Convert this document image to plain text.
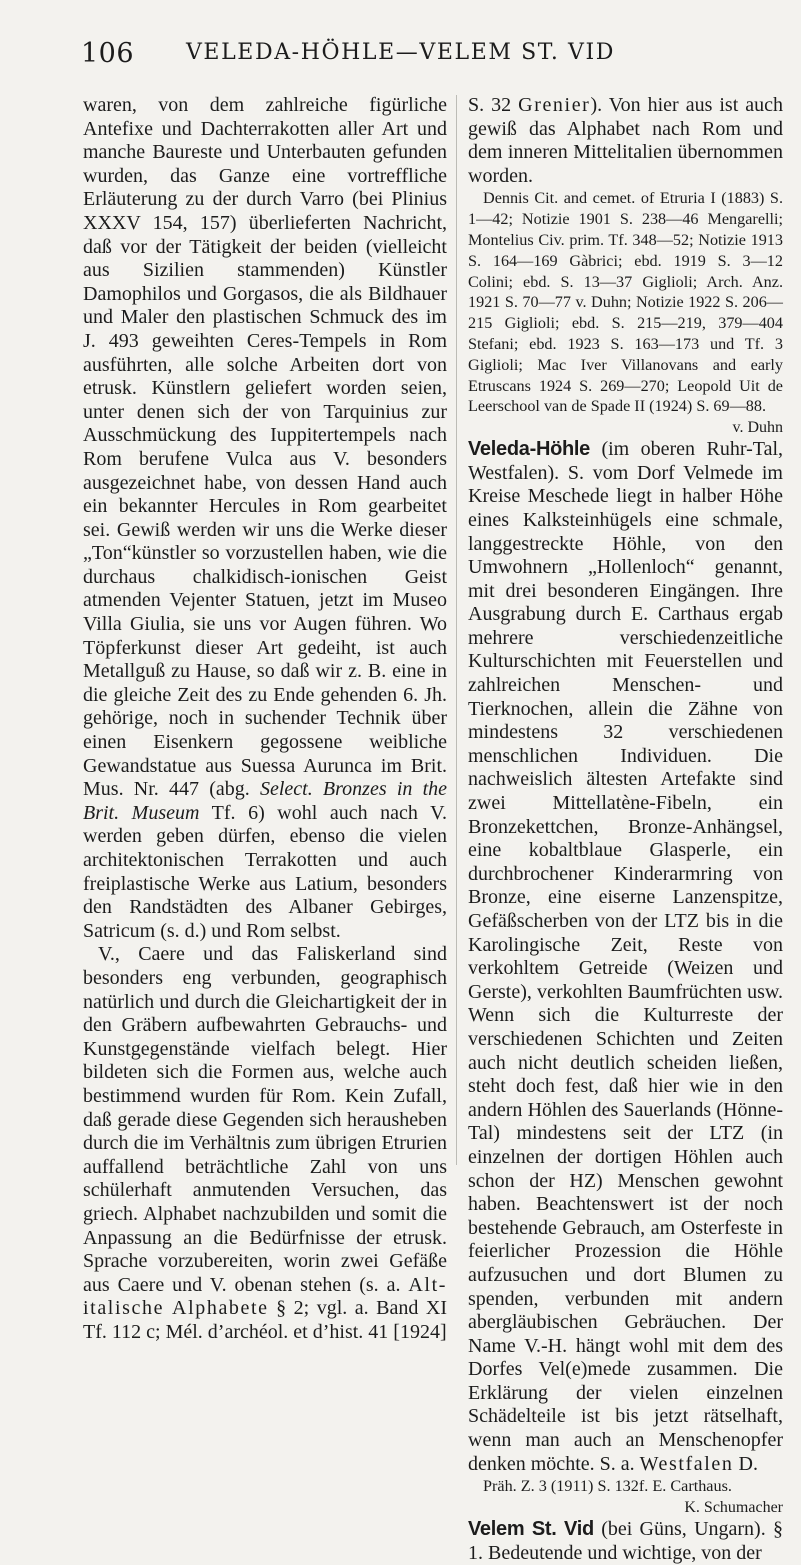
106	VELEDA-HÖHLE—VELEM ST. VID

waren, von dem zahlreiche figürliche Antefixe und Dachterrakotten aller Art und manche Baureste und Unterbauten gefunden wurden, das Ganze eine vortreffliche Erläuterung zu der durch Varro (bei Plinius XXXV 154, 157) überlieferten Nachricht, daß vor der Tätigkeit der beiden (vielleicht aus Sizilien stammenden) Künstler Damophilos und Gorgasos, die als Bildhauer und Maler den plastischen Schmuck des im J. 493 geweihten Ceres-Tempels in Rom ausführten, alle solche Arbeiten dort von etrusk. Künstlern geliefert worden seien, unter denen sich der von Tarquinius zur Ausschmückung des Iuppitertempels nach Rom berufene Vulca aus V. besonders ausgezeichnet habe, von dessen Hand auch ein bekannter Hercules in Rom gearbeitet sei. Gewiß werden wir uns die Werke dieser „Ton“künstler so vorzustellen haben, wie die durchaus chalkidisch-ionischen Geist atmenden Vejenter Statuen, jetzt im Museo Villa Giulia, sie uns vor Augen führen. Wo Töpferkunst dieser Art gedeiht, ist auch Metallguß zu Hause, so daß wir z. B. eine in die gleiche Zeit des zu Ende gehenden 6. Jh. gehörige, noch in suchender Technik über einen Eisenkern gegossene weibliche Gewandstatue aus Suessa Aurunca im Brit. Mus. Nr. 447 (abg. Select. Bronzes in the Brit. Museum Tf. 6) wohl auch nach V. werden geben dürfen, ebenso die vielen architektonischen Terrakotten und auch freiplastische Werke aus Latium, besonders den Randstädten des Albaner Gebirges, Satricum (s. d.) und Rom selbst.

V., Caere und das Faliskerland sind besonders eng verbunden, geographisch natürlich und durch die Gleichartigkeit der in den Gräbern aufbewahrten Gebrauchs- und Kunstgegenstände vielfach belegt. Hier bildeten sich die Formen aus, welche auch bestimmend wurden für Rom. Kein Zufall, daß gerade diese Gegenden sich herausheben durch die im Verhältnis zum übrigen Etrurien auffallend beträchtliche Zahl von uns schülerhaft anmutenden Versuchen, das griech. Alphabet nachzubilden und somit die Anpassung an die Bedürfnisse der etrusk. Sprache vorzubereiten, worin zwei Gefäße aus Caere und V. obenan stehen (s. a. Alt-italische Alphabete § 2; vgl. a. Band XI Tf. 112 c; Mél. d’archéol. et d’hist. 41 [1924]

S. 32 Grenier). Von hier aus ist auch gewiß das Alphabet nach Rom und dem inneren Mittelitalien übernommen worden.

Dennis Cit. and cemet. of Etruria I (1883) S. 1—42; Notizie 1901 S. 238—46 Mengarelli; Montelius Civ. prim. Tf. 348—52; Notizie 1913 S. 164—169 Gàbrici; ebd. 1919 S. 3—12 Colini; ebd. S. 13—37 Giglioli; Arch. Anz. 1921 S. 70—77 v. Duhn; Notizie 1922 S. 206—215 Giglioli; ebd. S. 215—219, 379—404 Stefani; ebd. 1923 S. 163—173 und Tf. 3 Giglioli; Mac Iver Villanovans and early Etruscans 1924 S. 269—270; Leopold Uit de Leerschool van de Spade II (1924) S. 69—88.

v. Duhn

Veleda-Höhle (im oberen Ruhr-Tal, Westfalen). S. vom Dorf Velmede im Kreise Meschede liegt in halber Höhe eines Kalksteinhügels eine schmale, langgestreckte Höhle, von den Umwohnern „Hollenloch“ genannt, mit drei besonderen Eingängen. Ihre Ausgrabung durch E. Carthaus ergab mehrere verschiedenzeitliche Kulturschichten mit Feuerstellen und zahlreichen Menschen- und Tierknochen, allein die Zähne von mindestens 32 verschiedenen menschlichen Individuen. Die nachweislich ältesten Artefakte sind zwei Mittellatène-Fibeln, ein Bronzekettchen, Bronze-Anhängsel, eine kobaltblaue Glasperle, ein durchbrochener Kinderarmring von Bronze, eine eiserne Lanzenspitze, Gefäßscherben von der LTZ bis in die Karolingische Zeit, Reste von verkohltem Getreide (Weizen und Gerste), verkohlten Baumfrüchten usw. Wenn sich die Kulturreste der verschiedenen Schichten und Zeiten auch nicht deutlich scheiden ließen, steht doch fest, daß hier wie in den andern Höhlen des Sauerlands (Hönne-Tal) mindestens seit der LTZ (in einzelnen der dortigen Höhlen auch schon der HZ) Menschen gewohnt haben. Beachtenswert ist der noch bestehende Gebrauch, am Osterfeste in feierlicher Prozession die Höhle aufzusuchen und dort Blumen zu spenden, verbunden mit andern abergläubischen Gebräuchen. Der Name V.-H. hängt wohl mit dem des Dorfes Vel(e)mede zusammen. Die Erklärung der vielen einzelnen Schädelteile ist bis jetzt rätselhaft, wenn man auch an Menschenopfer denken möchte. S. a. Westfalen D.

Präh. Z. 3 (1911) S. 132f. E. Carthaus.

K. Schumacher

Velem St. Vid (bei Güns, Ungarn). § 1. Bedeutende und wichtige, von der
